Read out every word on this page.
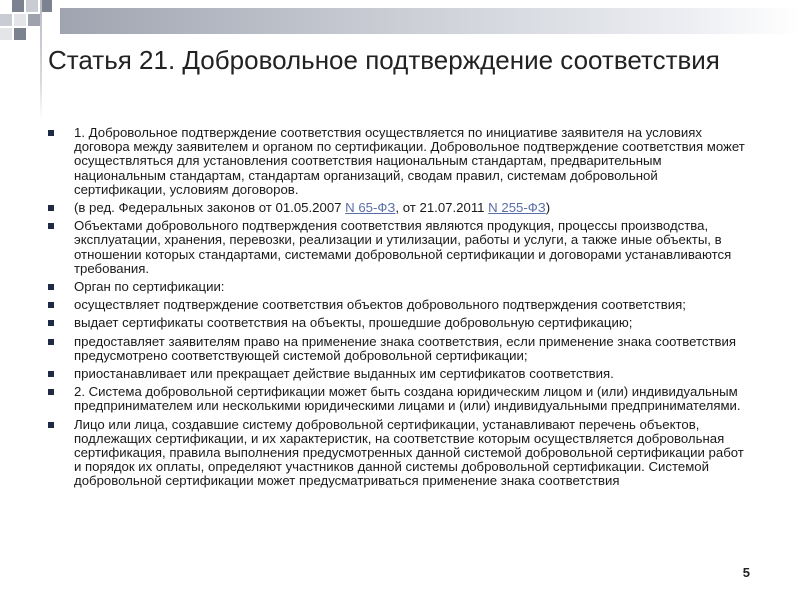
Статья 21. Добровольное подтверждение соответствия
1. Добровольное подтверждение соответствия осуществляется по инициативе заявителя на условиях договора между заявителем и органом по сертификации. Добровольное подтверждение соответствия может осуществляться для установления соответствия национальным стандартам, предварительным национальным стандартам, стандартам организаций, сводам правил, системам добровольной сертификации, условиям договоров.
(в ред. Федеральных законов от 01.05.2007 N 65-ФЗ, от 21.07.2011 N 255-ФЗ)
Объектами добровольного подтверждения соответствия являются продукция, процессы производства, эксплуатации, хранения, перевозки, реализации и утилизации, работы и услуги, а также иные объекты, в отношении которых стандартами, системами добровольной сертификации и договорами устанавливаются требования.
Орган по сертификации:
осуществляет подтверждение соответствия объектов добровольного подтверждения соответствия;
выдает сертификаты соответствия на объекты, прошедшие добровольную сертификацию;
предоставляет заявителям право на применение знака соответствия, если применение знака соответствия предусмотрено соответствующей системой добровольной сертификации;
приостанавливает или прекращает действие выданных им сертификатов соответствия.
2. Система добровольной сертификации может быть создана юридическим лицом и (или) индивидуальным предпринимателем или несколькими юридическими лицами и (или) индивидуальными предпринимателями.
Лицо или лица, создавшие систему добровольной сертификации, устанавливают перечень объектов, подлежащих сертификации, и их характеристик, на соответствие которым осуществляется добровольная сертификация, правила выполнения предусмотренных данной системой добровольной сертификации работ и порядок их оплаты, определяют участников данной системы добровольной сертификации. Системой добровольной сертификации может предусматриваться применение знака соответствия
5
